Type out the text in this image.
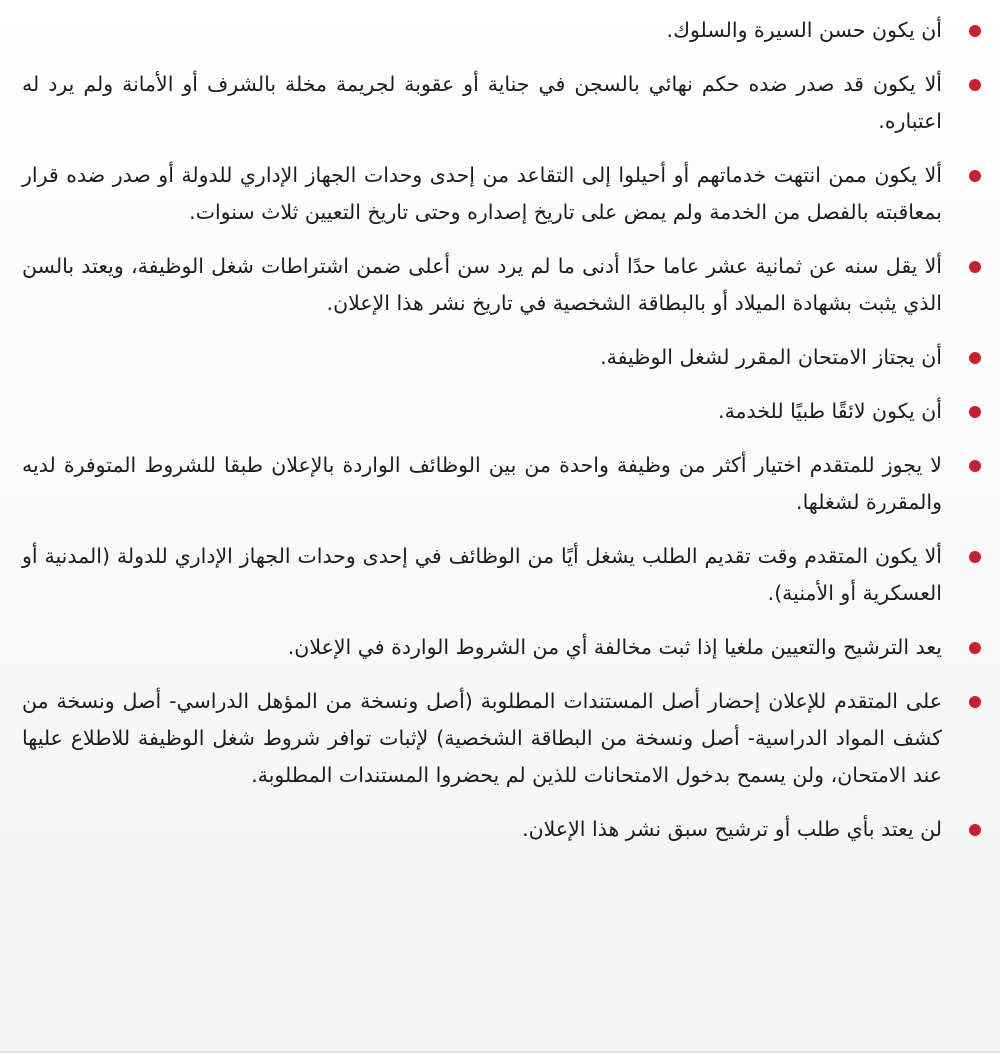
أن يكون حسن السيرة والسلوك.
ألا يكون قد صدر ضده حكم نهائي بالسجن في جناية أو عقوبة لجريمة مخلة بالشرف أو الأمانة ولم يرد له اعتباره.
ألا يكون ممن انتهت خدماتهم أو أحيلوا إلى التقاعد من إحدى وحدات الجهاز الإداري للدولة أو صدر ضده قرار بمعاقبته بالفصل من الخدمة ولم يمض على تاريخ إصداره وحتى تاريخ التعيين ثلاث سنوات.
ألا يقل سنه عن ثمانية عشر عاما حدًا أدنى ما لم يرد سن أعلى ضمن اشتراطات شغل الوظيفة، ويعتد بالسن الذي يثبت بشهادة الميلاد أو بالبطاقة الشخصية في تاريخ نشر هذا الإعلان.
أن يجتاز الامتحان المقرر لشغل الوظيفة.
أن يكون لائقًا طبيًا للخدمة.
لا يجوز للمتقدم اختيار أكثر من وظيفة واحدة من بين الوظائف الواردة بالإعلان طبقا للشروط المتوفرة لديه والمقررة لشغلها.
ألا يكون المتقدم وقت تقديم الطلب يشغل أيًا من الوظائف في إحدى وحدات الجهاز الإداري للدولة (المدنية أو العسكرية أو الأمنية).
يعد الترشيح والتعيين ملغيا إذا ثبت مخالفة أي من الشروط الواردة في الإعلان.
على المتقدم للإعلان إحضار أصل المستندات المطلوبة (أصل ونسخة من المؤهل الدراسي- أصل ونسخة من كشف المواد الدراسية- أصل ونسخة من البطاقة الشخصية) لإثبات توافر شروط شغل الوظيفة للاطلاع عليها عند الامتحان، ولن يسمح بدخول الامتحانات للذين لم يحضروا المستندات المطلوبة.
لن يعتد بأي طلب أو ترشيح سبق نشر هذا الإعلان.
